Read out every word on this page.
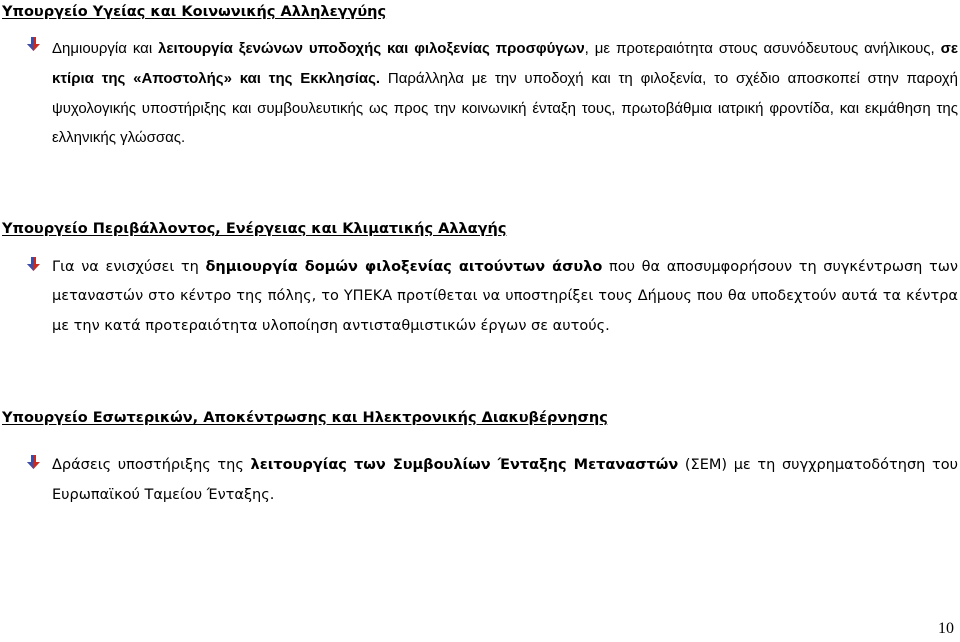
Υπουργείο Υγείας και Κοινωνικής Αλληλεγγύης

Δημιουργία και λειτουργία ξενώνων υποδοχής και φιλοξενίας προσφύγων, με προτεραιότητα στους ασυνόδευτους ανήλικους, σε κτίρια της «Αποστολής» και της Εκκλησίας. Παράλληλα με την υποδοχή και τη φιλοξενία, το σχέδιο αποσκοπεί στην παροχή ψυχολογικής υποστήριξης και συμβουλευτικής ως προς την κοινωνική ένταξη τους, πρωτοβάθμια ιατρική φροντίδα, και εκμάθηση της ελληνικής γλώσσας.

Υπουργείο Περιβάλλοντος, Ενέργειας και Κλιματικής Αλλαγής

Για να ενισχύσει τη δημιουργία δομών φιλοξενίας αιτούντων άσυλο που θα αποσυμφορήσουν τη συγκέντρωση των μεταναστών στο κέντρο της πόλης, το ΥΠΕΚΑ προτίθεται να υποστηρίξει τους Δήμους που θα υποδεχτούν αυτά τα κέντρα με την κατά προτεραιότητα υλοποίηση αντισταθμιστικών έργων σε αυτούς.

Υπουργείο Εσωτερικών, Αποκέντρωσης και Ηλεκτρονικής Διακυβέρνησης

Δράσεις υποστήριξης της λειτουργίας των Συμβουλίων Ένταξης Μεταναστών (ΣΕΜ) με τη συγχρηματοδότηση του Ευρωπαϊκού Ταμείου Ένταξης.

10
